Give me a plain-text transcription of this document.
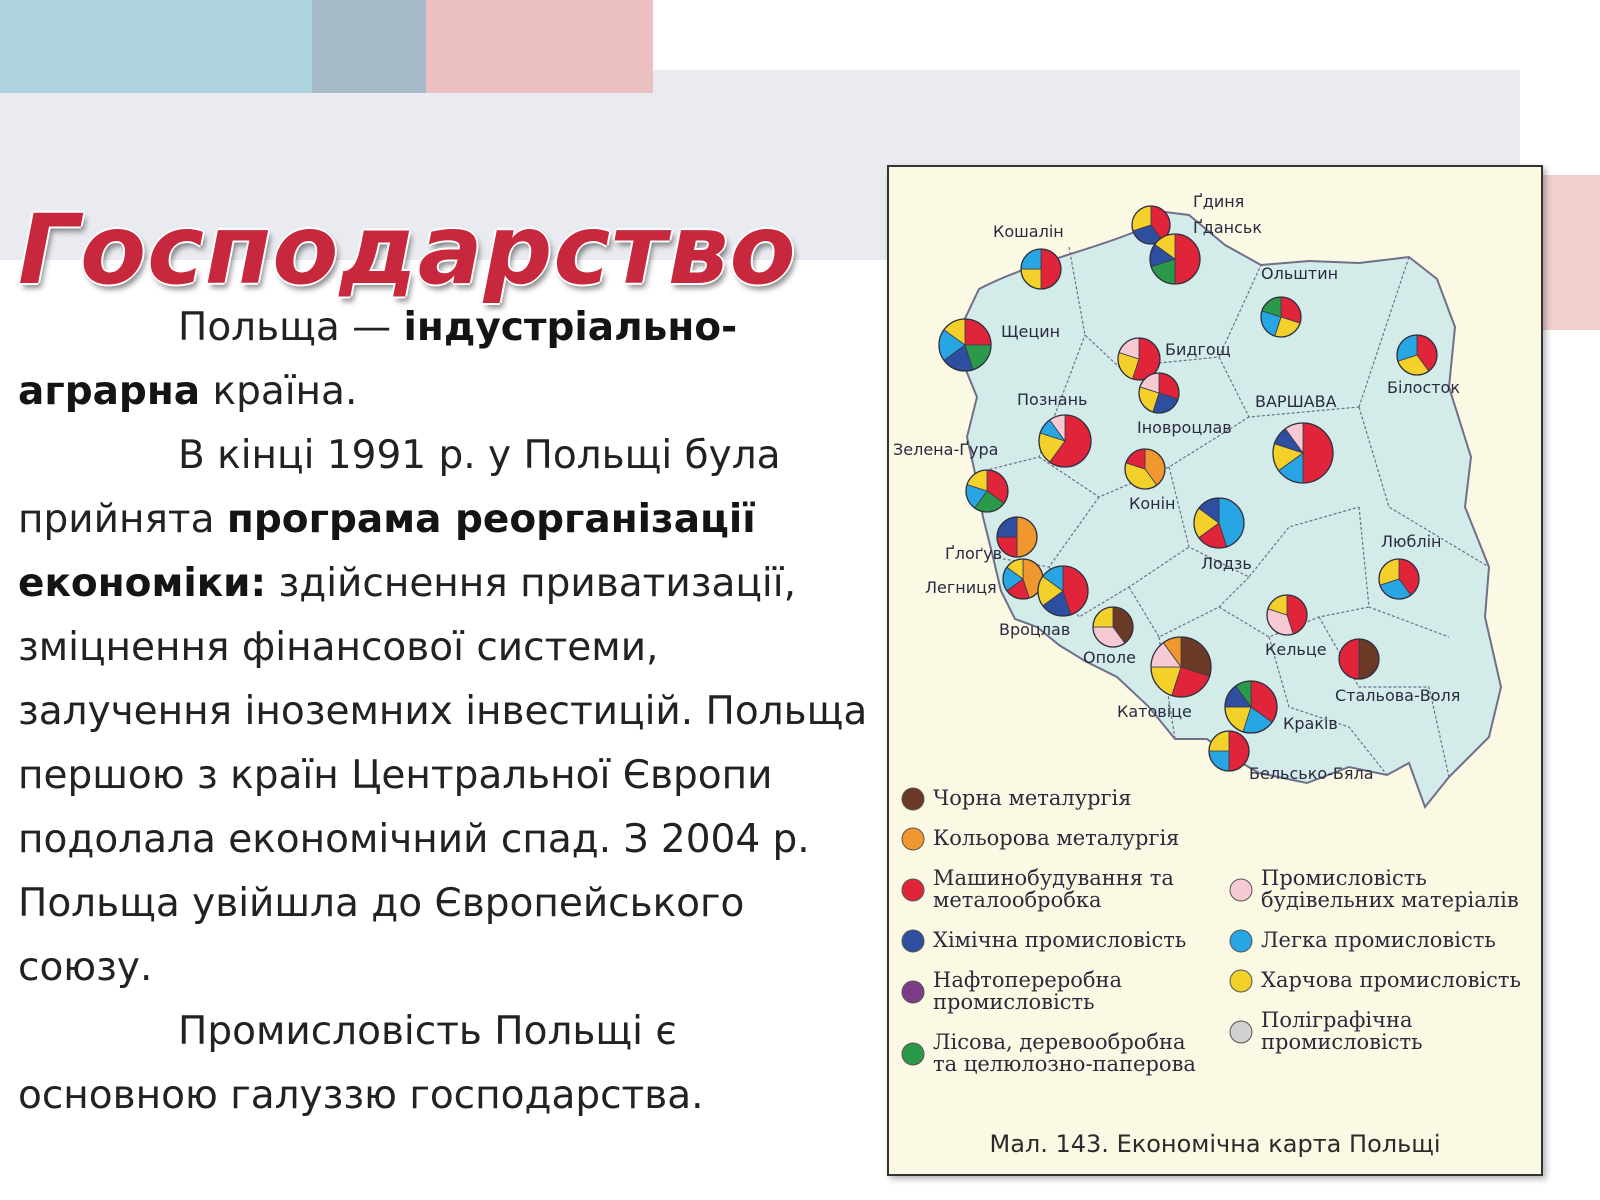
Господарство

Польща — індустріально-аграрна країна.

В кінці 1991 р. у Польщі була прийнята програма реорганізації економіки: здійснення приватизації, зміцнення фінансової системи, залучення іноземних інвестицій. Польща першою з країн Центральної Європи подолала економічний спад. З 2004 р. Польща увійшла до Європейського союзу.

Промисловість Польщі є основною галуззю господарства.

Ґдиня
Ґданськ
Кошалін
Ольштин
Щецин
Бидгощ
Іновроцлав
Білосток
Познань	ВАРШАВА
Конін
Зелена-Ґура
Лодзь
Люблін
Ґлоґув
Легниця
Вроцлав
Ополе
Катовіце
Кельце
Стальова-Воля
Краків
Бельсько-Бяла
Чорна металургія
Кольорова металургія
Машинобудування та
металообробка
Хімічна промисловість
Нафтопереробна
промисловість
Лісова, деревообробна
та целюлозно-паперова
Промисловість
будівельних матеріалів
Легка промисловість
Харчова промисловість
Поліграфічна
промисловість
Мал. 143. Економічна карта Польщі
